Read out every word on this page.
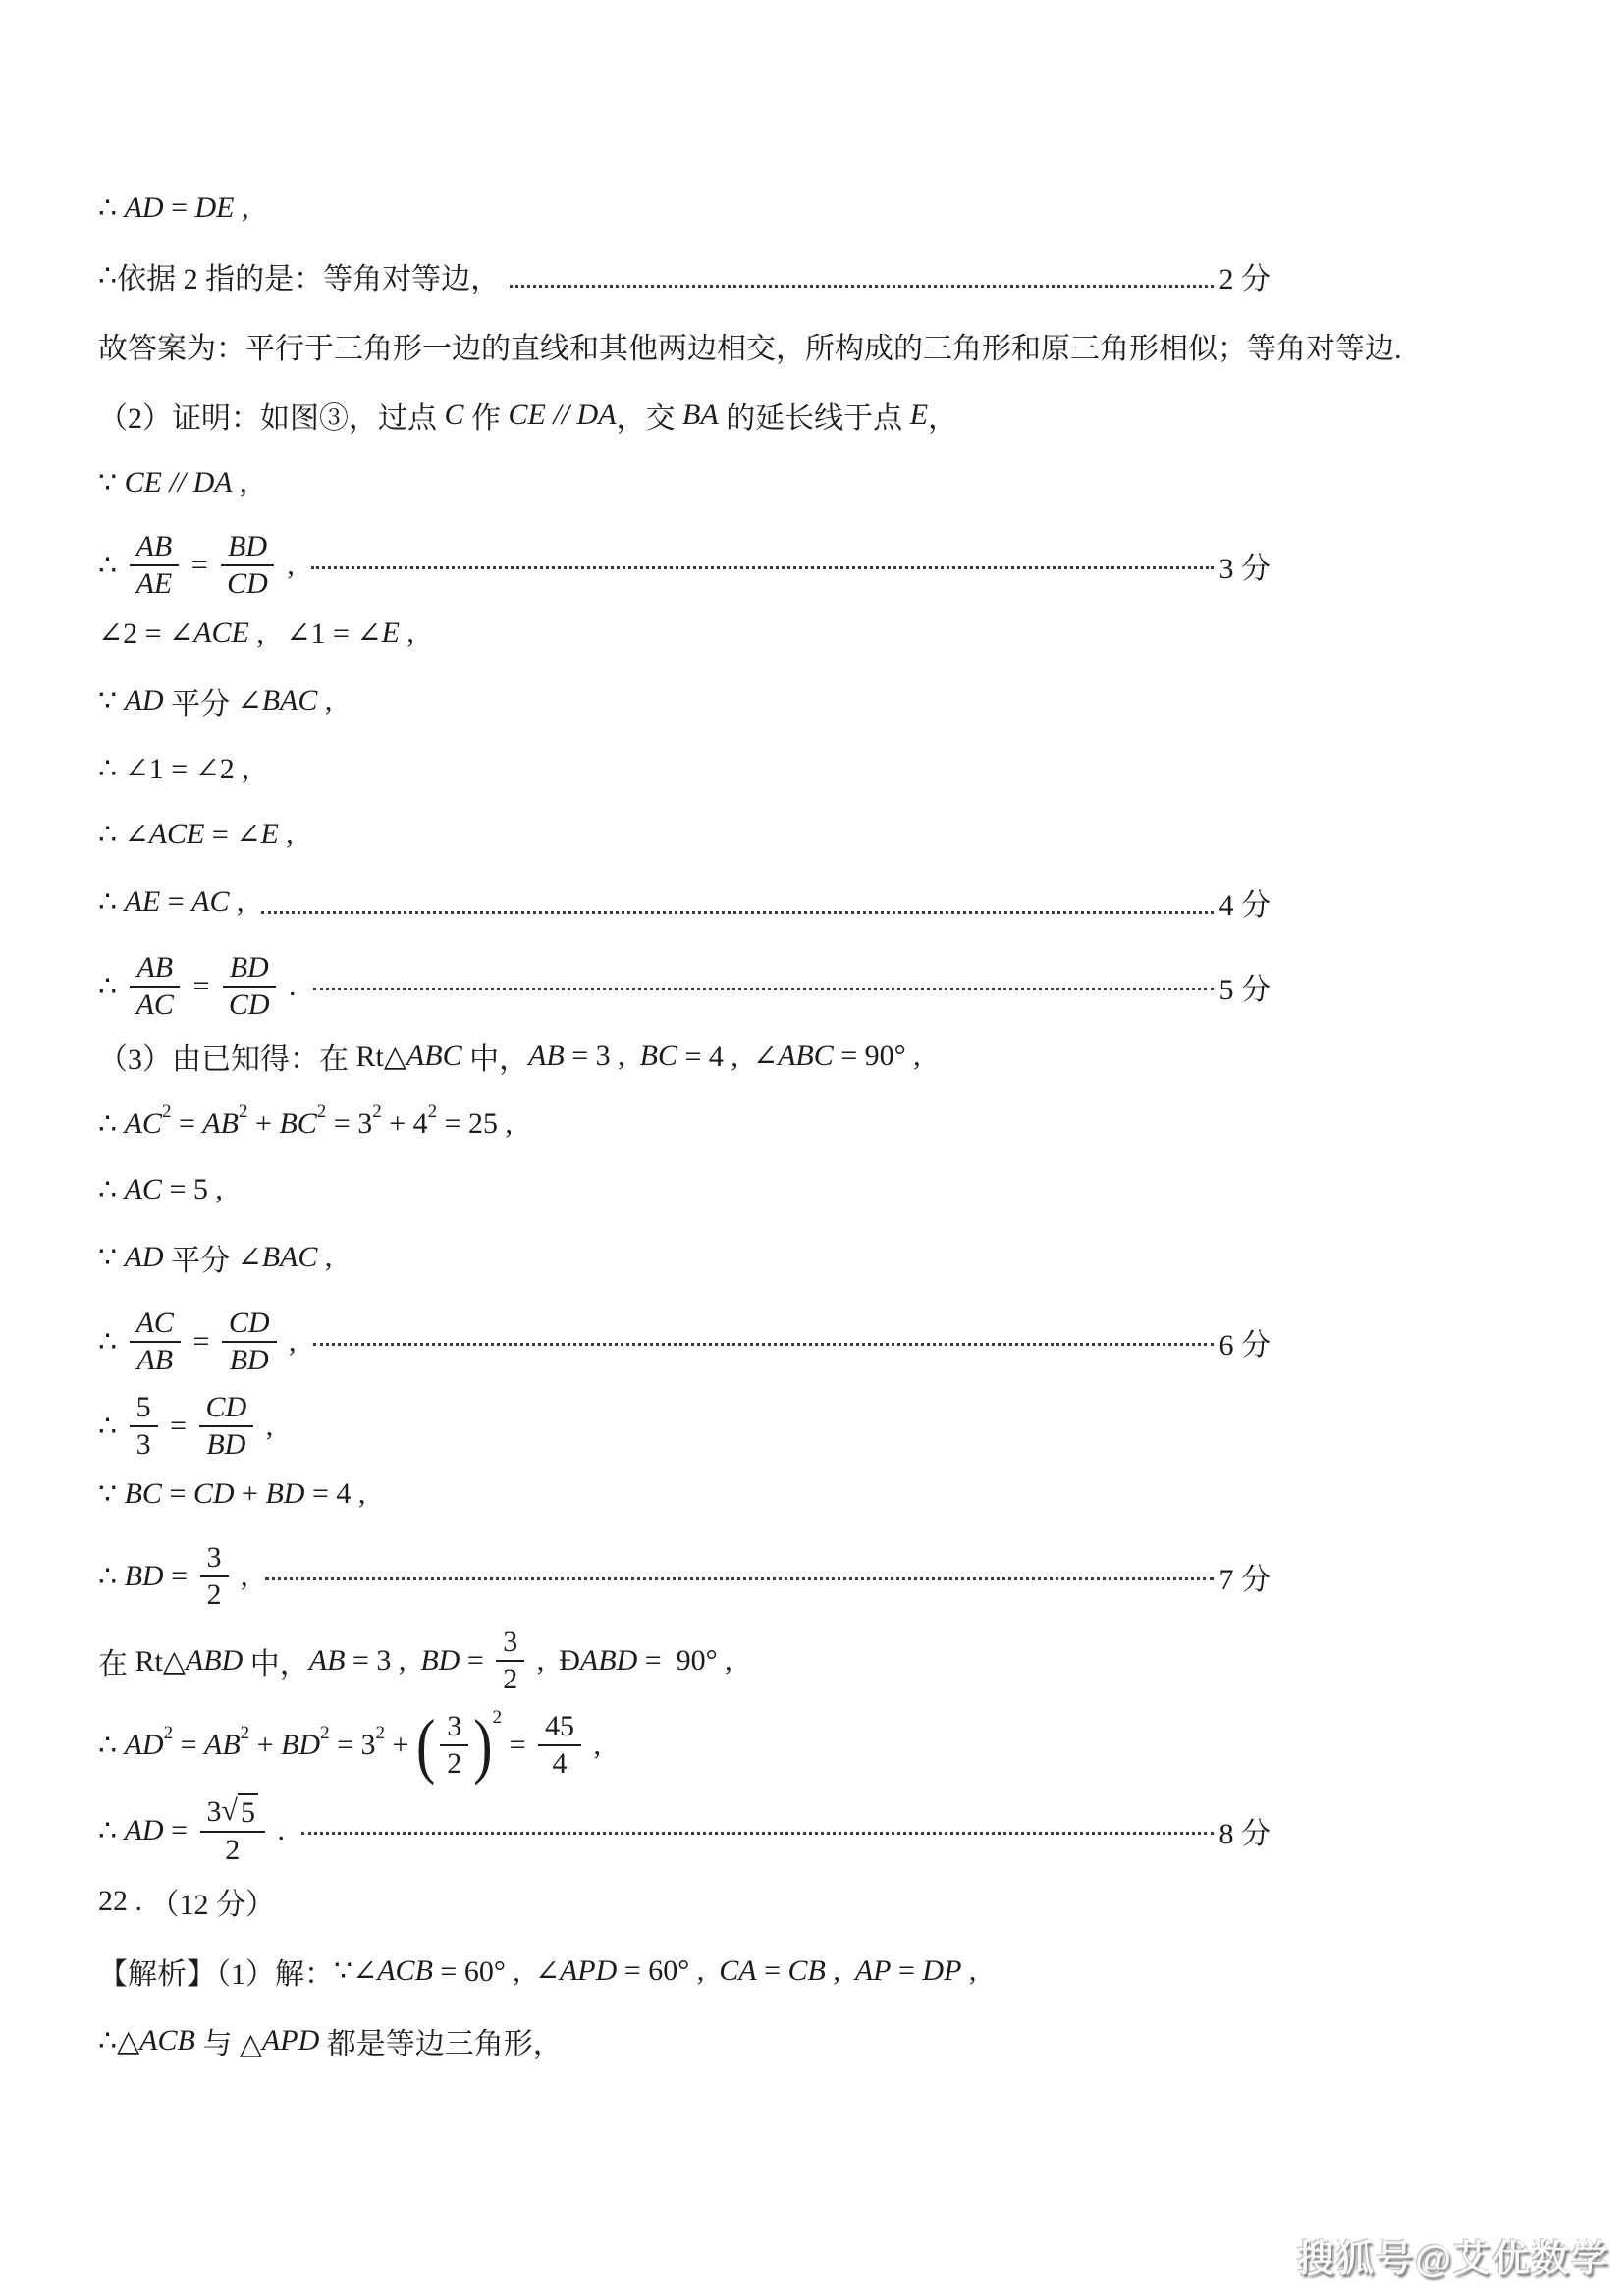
∴ AD = DE ,
∴ 依据 2 指的是：等角对等边，	2 分
故答案为：平行于三角形一边的直线和其他两边相交，所构成的三角形和原三角形相似；等角对等边.
（2）证明：如图③，过点 C 作 CE // DA ，交 BA 的延长线于点 E ，
∵ CE // DA ,
∴ $\frac{AB}{AE} = \frac{BD}{CD}$ ,	3 分
∠2 = ∠ ACE ,   ∠1 = ∠ E ,
∵ AD 平分 ∠ BAC ,
∴ ∠1 = ∠2 ,
∴ ∠ ACE = ∠ E ,
∴ AE = AC ,	4 分
∴ $\frac{AB}{AC} = \frac{BD}{CD}$ .	5 分
（3）由已知得：在 Rt△ ABC 中， AB = 3 , BC = 4 ,  ∠ ABC = 90° ,
∴ AC 2 = AB 2 + BC 2 = 3 2 + 4 2 = 25 ,
∴ AC = 5 ,
∵ AD 平分 ∠ BAC ,
∴ $\frac{AC}{AB} = \frac{CD}{BD}$ ,	6 分
∴ $\frac{5}{3} = \frac{CD}{BD}$ ,
∵ BC = CD + BD = 4 ,
∴ BD = $\frac{3}{2}$ ,	7 分
在 Rt△ ABD 中， AB = 3 , BD = $\frac{3}{2}$ ,  Đ ABD =  90° ,
∴ AD 2 = AB 2 + BD 2 = 3 2 + ( $\frac{3}{2}$ ) 2
= $\frac{45}{4}$ ,
∴ AD = $\frac{3 √ 5}{2}$ .	8 分
22 . （12 分）
【解析】（1）解： ∵∠ ACB = 60° ,  ∠ APD = 60° , CA = CB , AP = DP ,
∴△ ACB 与 △ APD 都是等边三角形，
搜狐号@艾优数学
